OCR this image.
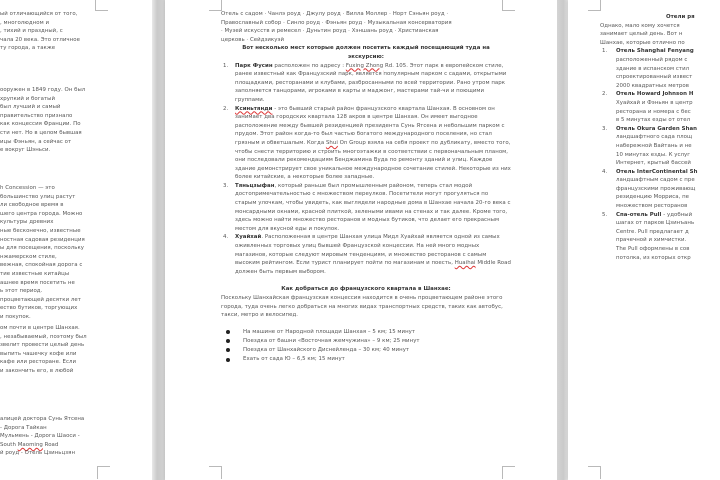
ый отличающийся от того,

, многолюдном и

, тихий и праздный, с

чала 20 века. Это отличное

ту города, а также

ооружен в 1849 году. Он был

хрупкий и богатый

был лучший и самый

правительство признало

как концессия Франции. По

сти нет. Но в целом бывшая

ицы Фэньян, а сейчас от

е вокруг Шэньси.

h Concession — это

большинство улиц растут

ли свободное время в

шего центра города. Можно

культуры древних

ные бесконечно, известные

ностная садовая резиденция

ы для посещения, поскольку

нжамерском стиле,

вежная, спокойная дорога с

тие известные китайцы

ашнее время посетить не

ь этот период.

процветающей десятки лет

ество бутиков, торгующих

и покупок.

ом почти в центре Шанхая.

, незабываемый, поэтому был

звелит провести целый день

выпить чашечку кофе или

кафе или ресторане. Если

и закончить его, в любой

алицей доктора Сунь Ятсена

- Дорога Тайкан

Мульмень - Дорога Шаоси -

South Maoming Road

й роуд - Отель Цзиньцзян

Отель с садом · Чанлэ роуд · Джулу роуд · Вилла Моллер · Норт Сэньян роуд ·

Православный собор · Синло роуд · Фэньян роуд · Музыкальная консерватория

· Музей искусств и ремесел · Дуньтин роуд · Хэншань роуд · Христианская

церковь · Сейдзикуэй

Вот несколько мест которые должен посетить каждый посещающий туда на экскурсию:

1. Парк Фусин расположен по адресу : Fuxing Zhong Rd. 105. Этот парк в европейском стиле, ранее известный как Французский парк, является популярным парком с садами, открытыми площадками, ресторанами и клубами, разбросанными по всей территории. Рано утром парк заполняется танцорами, игроками в карты и маджонг, мастерами тай-чи и поющими группами.
2. Ксиньтянди - это бывший старый район французского квартала Шанхая. В основном он занимает два городских квартала 128 акров в центре Шанхая. Он имеет выгодное расположение между бывшей резиденцией президента Сунь Ятсена и небольшим парком с прудом. Этот район когда-то был частью богатого международного поселения, но стал грязным и обветшалым. Когда Shui On Group взяла на себя проект по дубликату, вместо того, чтобы снести территорию и строить многоэтажки в соответствии с первоначальным планом, они последовали рекомендациям Бенджамина Вуда по ремонту зданий и улиц. Каждое здание демонстрирует свое уникальное международное сочетание стилей. Некоторые из них более китайские, а некоторые более западные.
3. Тяньцзыфан, который раньше был промышленным районом, теперь стал модой достопримечательностью с множеством переулков. Посетители могут прогуляться по старым улочкам, чтобы увидеть, как выглядели народные дома в Шанхае начала 20-го века с монсардными окнами, красной плиткой, зелеными ивами на стенах и так далее. Кроме того, здесь можно найти множество ресторанов и модных бутиков, что делает его прекрасным местом для вкусной еды и покупок.
4. Хуайхай. Расположенная в центре Шанхая улица Мидл Хуайхай является одной из самых оживленных торговых улиц бывшей Французской концессии. На ней много модных магазинов, которые следуют мировым тенденциям, и множество ресторанов с самым высоким рейтингом. Если турист планирует пойти по магазинам и поесть, Huaihai Middle Road должен быть первым выбором.

Как добраться до французского квартала в Шанхае:

Поскольку Шанхайская французская концессия находится в очень процветающем районе этого города, туда очень легко добраться на многих видах транспортных средств, таких как автобус, такси, метро и велосипед.

На машине от Народной площади Шанхая – 5 км; 15 минут
Поездка от башни «Восточная жемчужина» – 9 км; 25 минут
Поездка от Шанхайского Диснейленда – 30 км; 40 минут
Ехать от сада Ю – 6,5 км; 15 минут

Отели ря

Однако, мало кому хочется

занимает целый день. Вот н

Шанхае, которые отлично по

1. Отель Shanghai Fenyang

расположенный рядом с

здание в испанском стил

спроектированный извест

2000 квадратных метров

2. Отель Howard Johnson H

Хуайхай и Фэньян в центр

ресторана и номера с бес

в 5 минутах езды от отел

3. Отель Okura Garden Shan

ландшафтного сада площ

набережной Вайтань и не

10 минутах езды. К услуг

Интернет, крытый бассей

4. Отель InterContinental Sh

ландшафтным садом с пре

французскими проживающ

резиденцию Морриса, пе

множеством ресторанов

5. Спа-отель Pull - удобный

шагах от парков Цзинъань

Centre. Pull предлагает д

прачечной и химчистки.

The Pull оформлены в сов

потолка, из которых откр
